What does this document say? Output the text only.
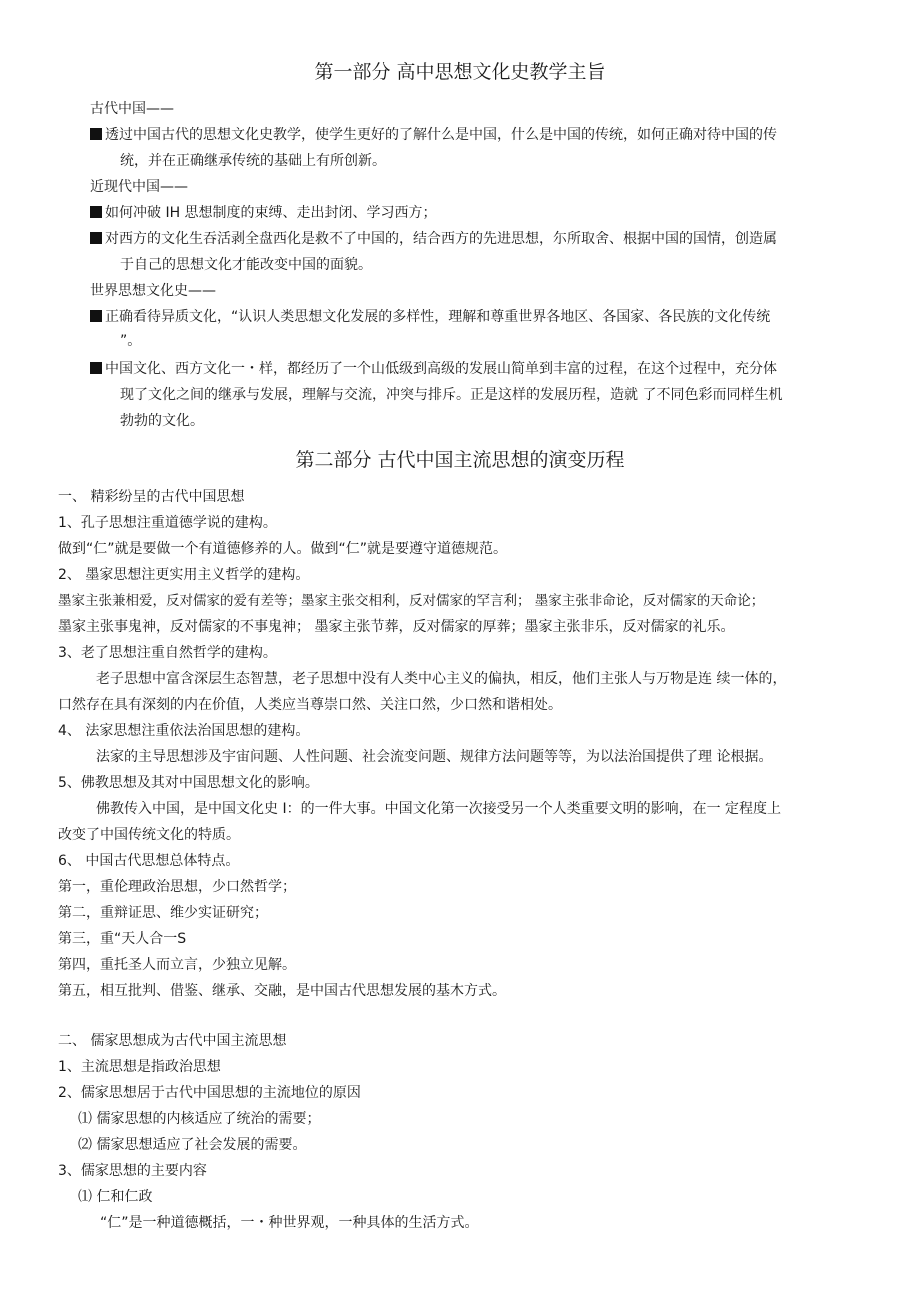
第一部分 高中思想文化史教学主旨
古代中国——
透过中国古代的思想文化史教学，使学生更好的了解什么是中国，什么是中国的传统，如何正确对待中国的传
统，并在正确继承传统的基础上有所创新。
近现代中国——
如何冲破 IH 思想制度的束缚、走出封闭、学习西方；
对西方的文化生吞活剥全盘西化是救不了中国的，结合西方的先进思想，尓所取舍、根据中国的国情，创造属
于自己的思想文化才能改变中国的面貌。
世界思想文化史——
正确看待异质文化，“认识人类思想文化发展的多样性，理解和尊重世界各地区、各国家、各民族的文化传统
”。
中国文化、西方文化一・样，都经历了一个山低级到高级的发展山简单到丰富的过程，在这个过程中，充分体
现了文化之间的继承与发展，理解与交流，冲突与排斥。正是这样的发展历程，造就 了不同色彩而同样生机
勃勃的文化。
第二部分 古代中国主流思想的演变历程
一、 精彩纷呈的古代中国思想
1、孔子思想注重道德学说的建构。
做到“仁”就是要做一个有道德修养的人。做到“仁”就是要遵守道德规范。
2、 墨家思想注更实用主义哲学的建构。
墨家主张兼相爱，反对儒家的爱有差等；墨家主张交相利，反对儒家的罕言利； 墨家主张非命论，反对儒家的天命论；
墨家主张事鬼神，反对儒家的不事鬼神； 墨家主张节葬，反对儒家的厚葬；墨家主张非乐，反对儒家的礼乐。
3、老了思想注重自然哲学的建构。
老子思想中富含深层生态智慧，老子思想中没有人类中心主义的偏执，相反，他们主张人与万物是连 续一体的，
口然存在具有深刻的内在价值，人类应当尊崇口然、关注口然，少口然和谐相处。
4、 法家思想注重依法治国思想的建构。
法家的主导思想涉及宇宙问题、人性问题、社会流变问题、规律方法问题等等，为以法治国提供了理 论根据。
5、佛教思想及其对中国思想文化的影响。
佛教传入中国，是中国文化史 I：的一件大事。中国文化第一次接受另一个人类重要文明的影响，在一 定程度上
改变了中国传统文化的特质。
6、 中国古代思想总体特点。
第一，重伦理政治思想，少口然哲学；
第二，重辩证思、维少实证研究；
第三，重“天人合一S
第四，重托圣人而立言，少独立见解。
第五，相互批判、借鉴、继承、交融，是中国古代思想发展的基木方式。
二、 儒家思想成为古代中国主流思想
1、主流思想是指政治思想
2、儒家思想居于古代中国思想的主流地位的原因
⑴ 儒家思想的内核适应了统治的需要；
⑵ 儒家思想适应了社会发展的需要。
3、儒家思想的主要内容
⑴ 仁和仁政
“仁”是一种道德概括，一・种世界观，一种具体的生活方式。
